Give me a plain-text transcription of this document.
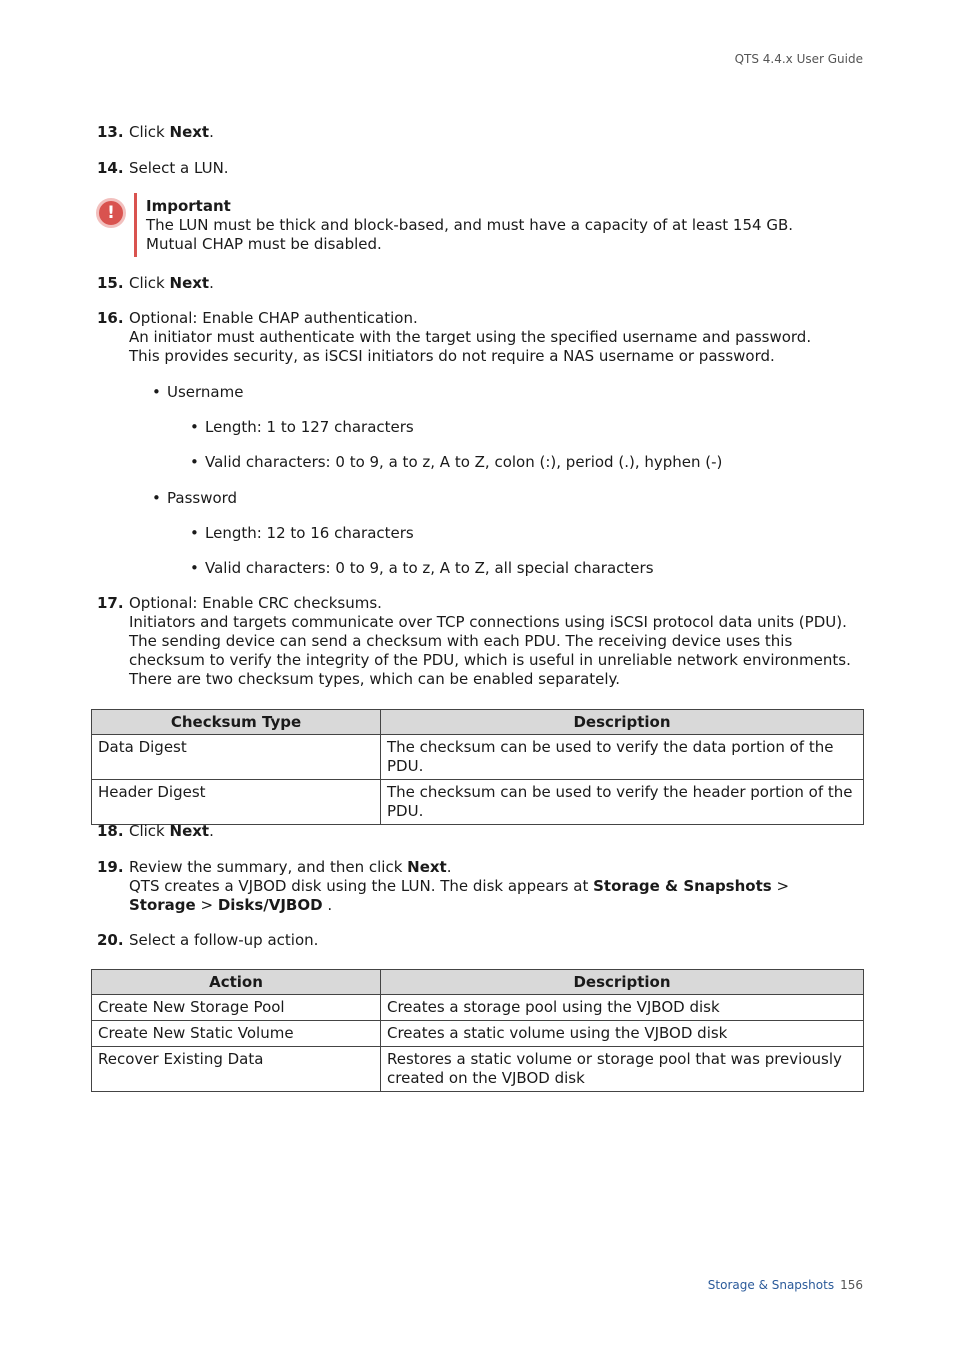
QTS 4.4.x User Guide
13. Click Next.

14. Select a LUN.

!	Important
The LUN must be thick and block-based, and must have a capacity of at least 154 GB. Mutual CHAP must be disabled.
15. Click Next.

16. Optional: Enable CHAP authentication.

An initiator must authenticate with the target using the specified username and password. This provides security, as iSCSI initiators do not require a NAS username or password.

• Username
• Length: 1 to 127 characters
• Valid characters: 0 to 9, a to z, A to Z, colon (:), period (.), hyphen (-)
• Password
• Length: 12 to 16 characters
• Valid characters: 0 to 9, a to z, A to Z, all special characters
17. Optional: Enable CRC checksums.

Initiators and targets communicate over TCP connections using iSCSI protocol data units (PDU). The sending device can send a checksum with each PDU. The receiving device uses this checksum to verify the integrity of the PDU, which is useful in unreliable network environments. There are two checksum types, which can be enabled separately.

Checksum Type	Description
Data Digest	The checksum can be used to verify the data portion of the PDU.
Header Digest	The checksum can be used to verify the header portion of the PDU.
18. Click Next.

19. Review the summary, and then click Next.

QTS creates a VJBOD disk using the LUN. The disk appears at Storage & Snapshots > Storage > Disks/VJBOD .

20. Select a follow-up action.

Action	Description
Create New Storage Pool	Creates a storage pool using the VJBOD disk
Create New Static Volume	Creates a static volume using the VJBOD disk
Recover Existing Data	Restores a static volume or storage pool that was previously created on the VJBOD disk
Storage & Snapshots 156
